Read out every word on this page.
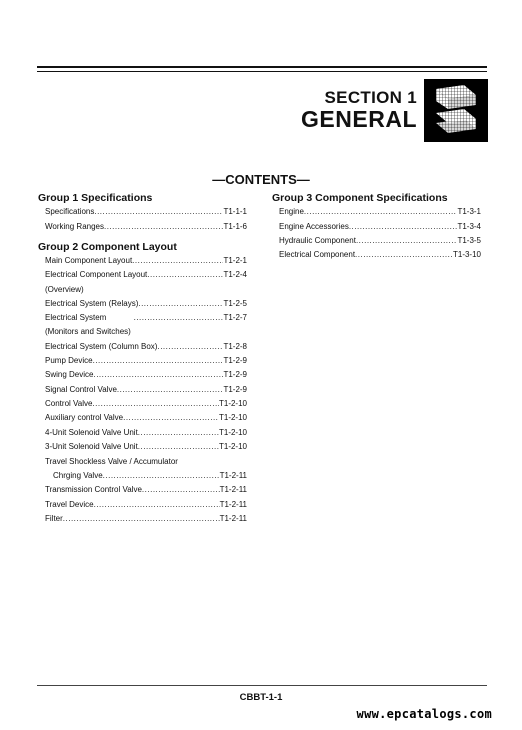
SECTION 1
GENERAL
—CONTENTS—
Group 1 Specifications
Specifications .....	T1-1-1
Working Ranges .....	T1-1-6
Group 2 Component Layout
Main Component Layout .....	T1-2-1
Electrical Component Layout .....	T1-2-4
(Overview)
Electrical System (Relays) .....	T1-2-5
Electrical System	................................. T1-2-7
(Monitors and Switches)
Electrical System (Column Box) .....	T1-2-8
Pump Device .....	T1-2-9
Swing Device .....	T1-2-9
Signal Control Valve .....	T1-2-9
Control Valve .....	T1-2-10
Auxiliary control Valve .....	T1-2-10
4-Unit Solenoid Valve Unit .....	T1-2-10
3-Unit Solenoid Valve Unit .....	T1-2-10
Travel Shockless Valve / Accumulator
Chrging Valve .....	T1-2-11
Transmission Control Valve .....	T1-2-11
Travel Device .....	T1-2-11
Filter .....	T1-2-11
Group 3 Component Specifications
Engine .....	T1-3-1
Engine Accessories .....	T1-3-4
Hydraulic Component .....	T1-3-5
Electrical Component .....	T1-3-10
CBBT-1-1
www.epcatalogs.com
